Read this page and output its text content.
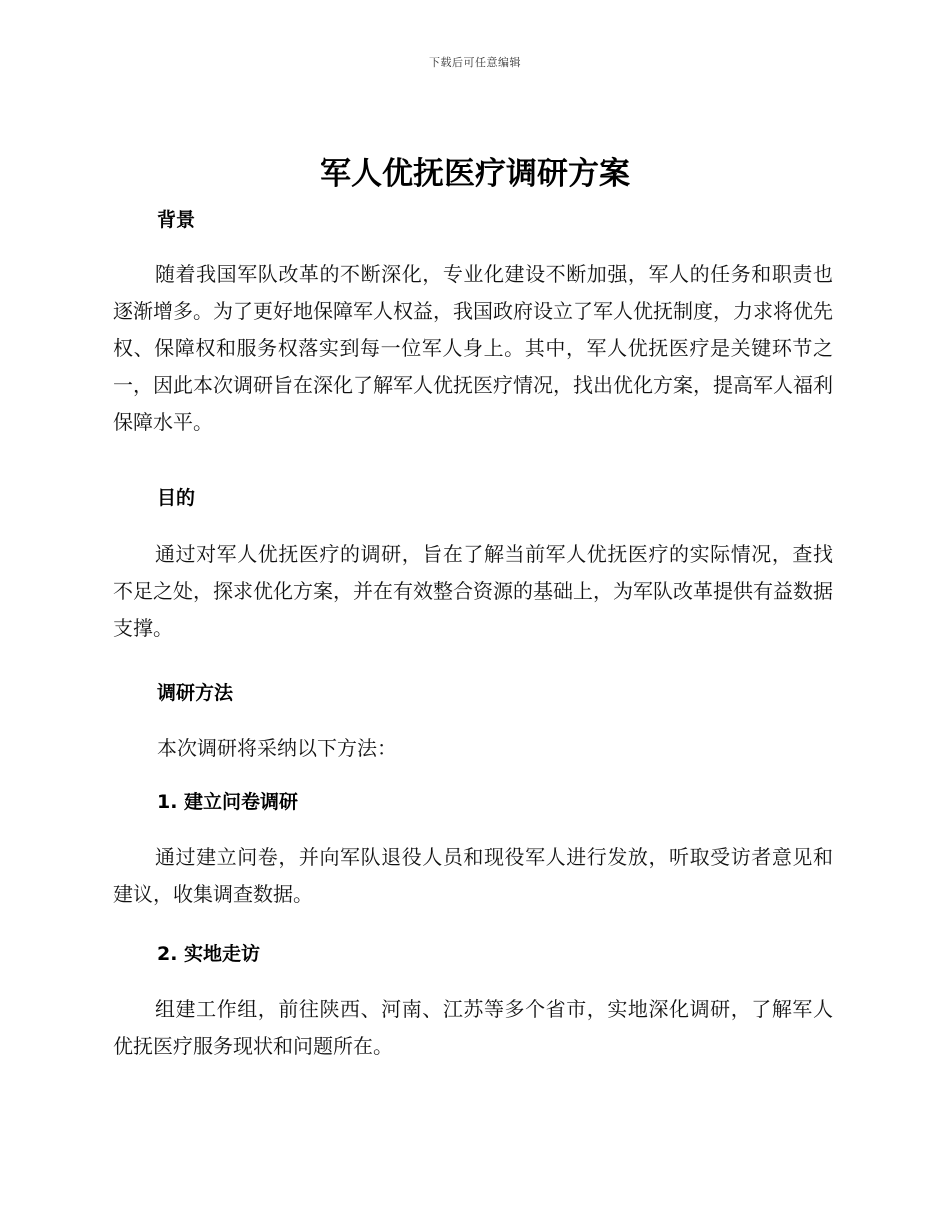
下载后可任意编辑
军人优抚医疗调研方案
背景

随着我国军队改革的不断深化，专业化建设不断加强，军人的任务和职责也逐渐增多。为了更好地保障军人权益，我国政府设立了军人优抚制度，力求将优先权、保障权和服务权落实到每一位军人身上。其中，军人优抚医疗是关键环节之一，因此本次调研旨在深化了解军人优抚医疗情况，找出优化方案，提高军人福利保障水平。

目的

通过对军人优抚医疗的调研，旨在了解当前军人优抚医疗的实际情况，查找不足之处，探求优化方案，并在有效整合资源的基础上，为军队改革提供有益数据支撑。

调研方法

本次调研将采纳以下方法：

1. 建立问卷调研

通过建立问卷，并向军队退役人员和现役军人进行发放，听取受访者意见和建议，收集调查数据。

2. 实地走访

组建工作组，前往陕西、河南、江苏等多个省市，实地深化调研，了解军人优抚医疗服务现状和问题所在。
